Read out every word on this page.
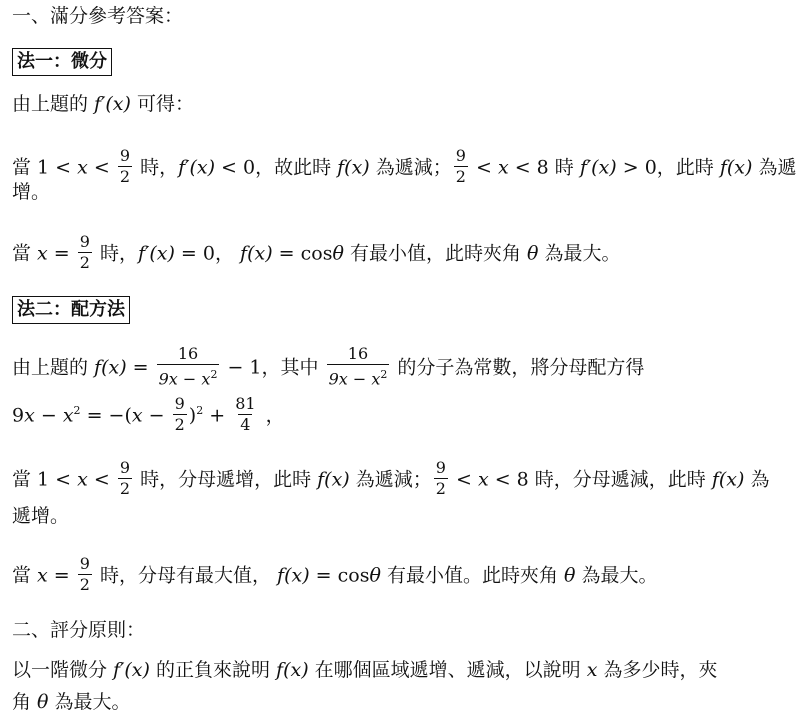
一、滿分參考答案：
法一：微分
由上題的 f′(x) 可得：
當 $1 < x < \frac{9}{2}$ 時，f′(x) < 0，故此時 f(x) 為遞減； $\frac{9}{2} < x < 8$ 時 f′(x) > 0，此時 f(x) 為遞
增。
當 $x = \frac{9}{2}$ 時，f′(x) = 0， f(x) = cosθ 有最小值，此時夾角 θ 為最大。
法二：配方法
由上題的 $f(x) = \frac{16}{9x - x^2} - 1$，其中 $\frac{16}{9x - x^2}$ 的分子為常數，將分母配方得
$9x - x^2 = -(x - \frac{9}{2} )^2 + \frac{81}{4}$ ，
當 $1 < x < \frac{9}{2}$ 時，分母遞增，此時 f(x) 為遞減； $\frac{9}{2} < x < 8$ 時，分母遞減，此時 f(x) 為
遞增。
當 $x = \frac{9}{2}$ 時，分母有最大值， f(x) = cosθ 有最小值。此時夾角 θ 為最大。
二、評分原則：
以一階微分 f′(x) 的正負來說明 f(x) 在哪個區域遞增、遞減，以說明 x 為多少時，夾
角 θ 為最大。
